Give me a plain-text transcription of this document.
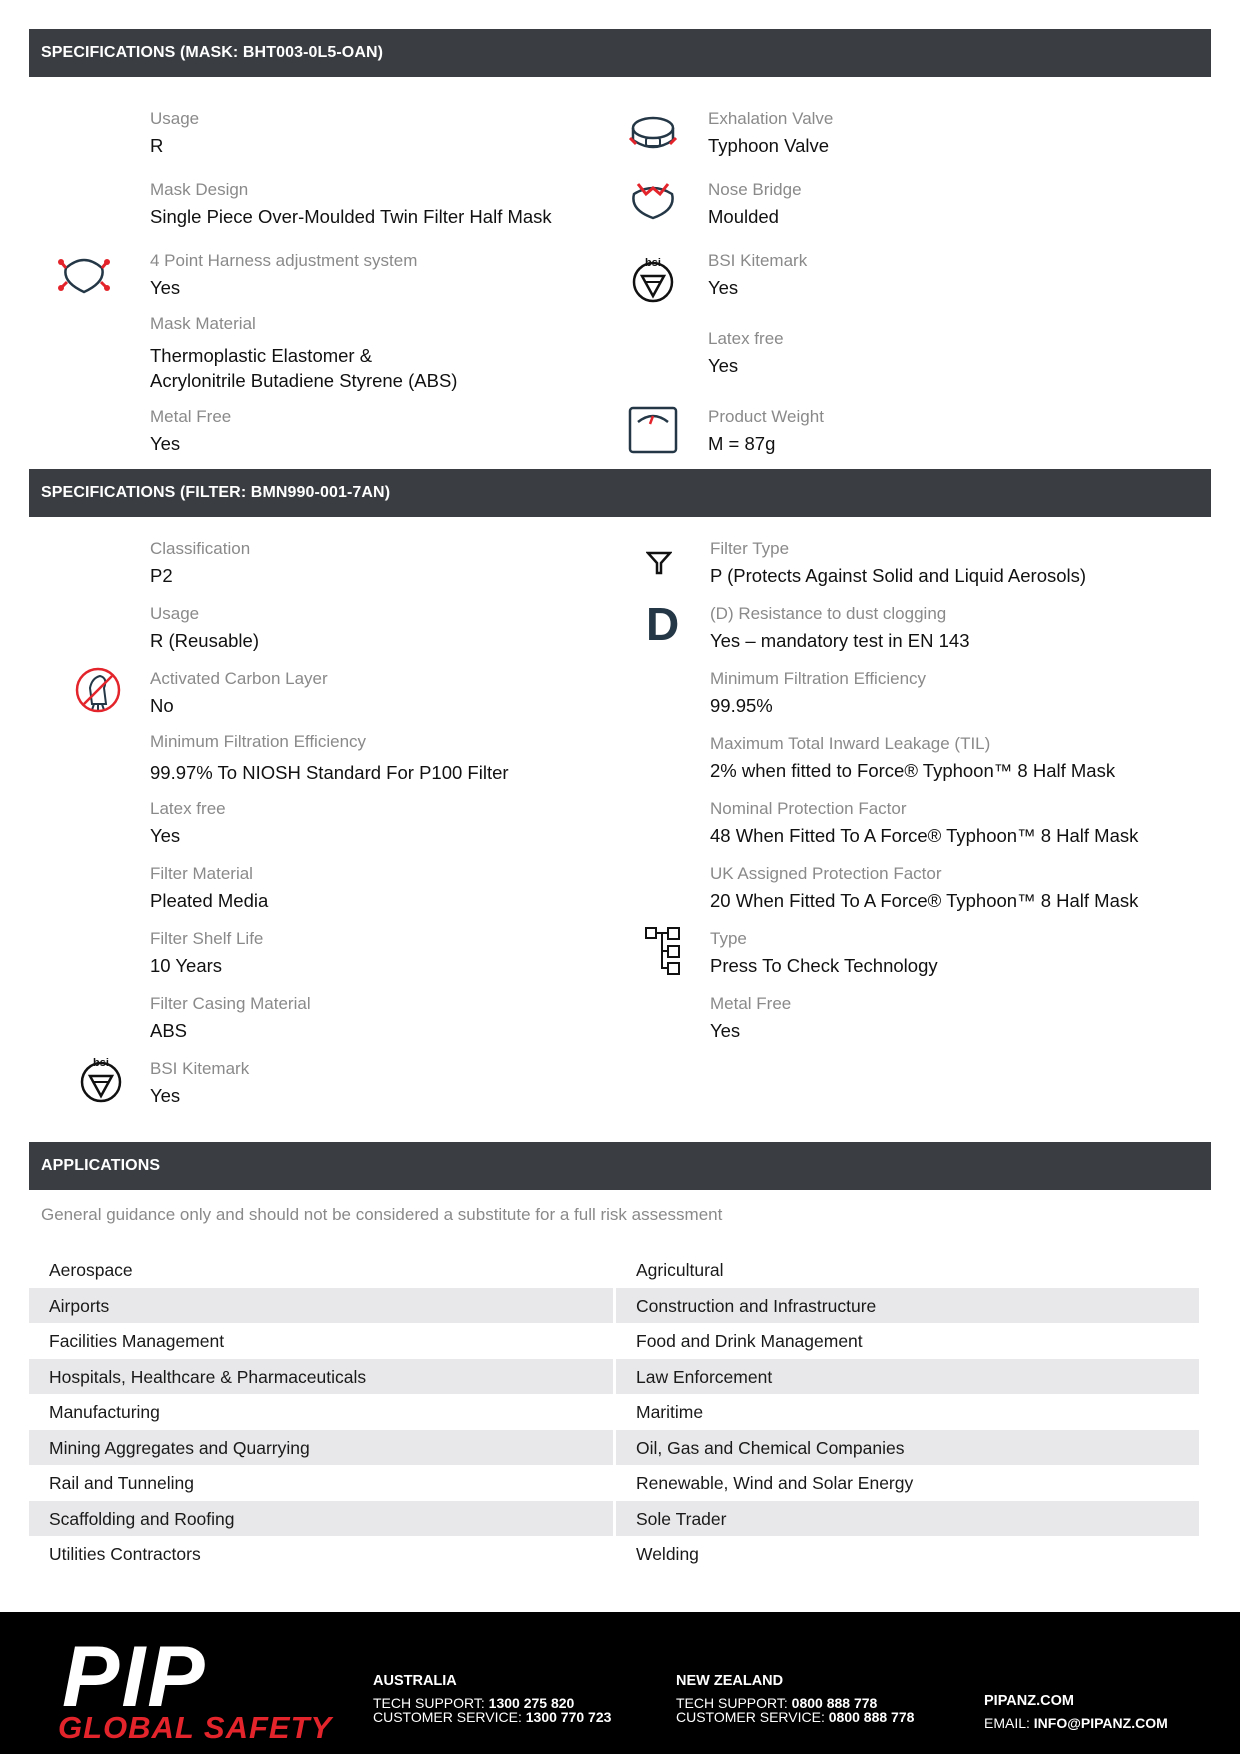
SPECIFICATIONS (MASK: BHT003-0L5-OAN)
Usage
R
Mask Design
Single Piece Over-Moulded Twin Filter Half Mask
4 Point Harness adjustment system
Yes
Mask Material
Thermoplastic Elastomer &
Acrylonitrile Butadiene Styrene (ABS)
Metal Free
Yes
Exhalation Valve
Typhoon Valve
Nose Bridge
Moulded
BSI Kitemark
Yes
Latex free
Yes
Product Weight
M = 87g
bsi
SPECIFICATIONS (FILTER: BMN990-001-7AN)
Classification
P2
Usage
R (Reusable)
Activated Carbon Layer
No
Minimum Filtration Efficiency
99.97% To NIOSH Standard For P100 Filter
Latex free
Yes
Filter Material
Pleated Media
Filter Shelf Life
10 Years
Filter Casing Material
ABS
BSI Kitemark
Yes
bsi
Filter Type
P (Protects Against Solid and Liquid Aerosols)
(D) Resistance to dust clogging
Yes – mandatory test in EN 143
Minimum Filtration Efficiency
99.95%
Maximum Total Inward Leakage (TIL)
2% when fitted to Force® Typhoon™ 8 Half Mask
Nominal Protection Factor
48 When Fitted To A Force® Typhoon™ 8 Half Mask
UK Assigned Protection Factor
20 When Fitted To A Force® Typhoon™ 8 Half Mask
Type
Press To Check Technology
Metal Free
Yes
D
APPLICATIONS
General guidance only and should not be considered a substitute for a full risk assessment
Aerospace	Agricultural
Airports	Construction and Infrastructure
Facilities Management	Food and Drink Management
Hospitals, Healthcare & Pharmaceuticals	Law Enforcement
Manufacturing	Maritime
Mining Aggregates and Quarrying	Oil, Gas and Chemical Companies
Rail and Tunneling	Renewable, Wind and Solar Energy
Scaffolding and Roofing	Sole Trader
Utilities Contractors	Welding
PIP
GLOBAL SAFETY
AUSTRALIA
TECH SUPPORT: 1300 275 820
CUSTOMER SERVICE: 1300 770 723
NEW ZEALAND
TECH SUPPORT: 0800 888 778
CUSTOMER SERVICE: 0800 888 778
PIPANZ.COM
EMAIL: INFO@PIPANZ.COM
